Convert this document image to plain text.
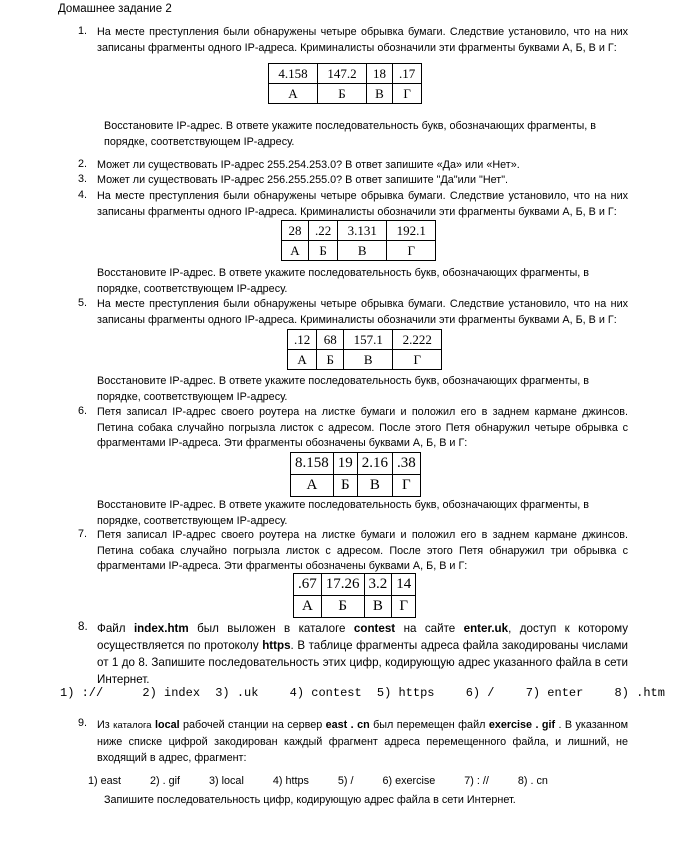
Домашнее задание 2
1. На месте преступления были обнаружены четыре обрывка бумаги. Следствие установило, что на них записаны фрагменты одного IP-адреса. Криминалисты обозначили эти фрагменты буквами А, Б, В и Г:
4.158	147.2	18	.17
А	Б	В	Г
Восстановите IP-адрес. В ответе укажите последовательность букв, обозначающих фрагменты, в порядке, соответствующем IP-адресу.
2. Может ли существовать IP-адрес 255.254.253.0? В ответ запишите «Да» или «Нет».
3. Может ли существовать IP-адрес 256.255.255.0? В ответ запишите "Да"или "Нет".
4. На месте преступления были обнаружены четыре обрывка бумаги. Следствие установило, что на них записаны фрагменты одного IP-адреса. Криминалисты обозначили эти фрагменты буквами А, Б, В и Г:
28	.22	3.131	192.1
А	Б	В	Г
Восстановите IP-адрес. В ответе укажите последовательность букв, обозначающих фрагменты, в порядке, соответствующем IP-адресу.
5. На месте преступления были обнаружены четыре обрывка бумаги. Следствие установило, что на них записаны фрагменты одного IP-адреса. Криминалисты обозначили эти фрагменты буквами А, Б, В и Г:
.12	68	157.1	2.222
А	Б	В	Г
Восстановите IP-адрес. В ответе укажите последовательность букв, обозначающих фрагменты, в порядке, соответствующем IP-адресу.
6. Петя записал IP-адрес своего роутера на листке бумаги и положил его в заднем кармане джинсов. Петина собака случайно погрызла листок с адресом. После этого Петя обнаружил четыре обрывка с фрагментами IP-адреса. Эти фрагменты обозначены буквами А, Б, В и Г:
8.158	19	2.16	.38
А	Б	В	Г
Восстановите IP-адрес. В ответе укажите последовательность букв, обозначающих фрагменты, в порядке, соответствующем IP-адресу.
7. Петя записал IP-адрес своего роутера на листке бумаги и положил его в заднем кармане джинсов. Петина собака случайно погрызла листок с адресом. После этого Петя обнаружил три обрывка с фрагментами IP-адреса. Эти фрагменты обозначены буквами А, Б, В и Г:
.67	17.26	3.2	14
А	Б	В	Г
8. Файл index.htm был выложен в каталоге contest на сайте enter.uk, доступ к которому осуществляется по протоколу https. В таблице фрагменты адреса файла закодированы числами от 1 до 8. Запишите последовательность этих цифр, кодирующую адрес указанного файла в сети Интернет.
1) ://	2) index 3) .uk	4) contest 5) https	6) /	7) enter	8) .htm
9. Из каталога local рабочей станции на сервер east . cn был перемещен файл exercise . gif . В указанном ниже списке цифрой закодирован каждый фрагмент адреса перемещенного файла, и лишний, не входящий в адрес, фрагмент:
1) east	2) . gif	3) local	4) https	5) /	6) exercise	7) : //	8) . cn
Запишите последовательность цифр, кодирующую адрес файла в сети Интернет.
